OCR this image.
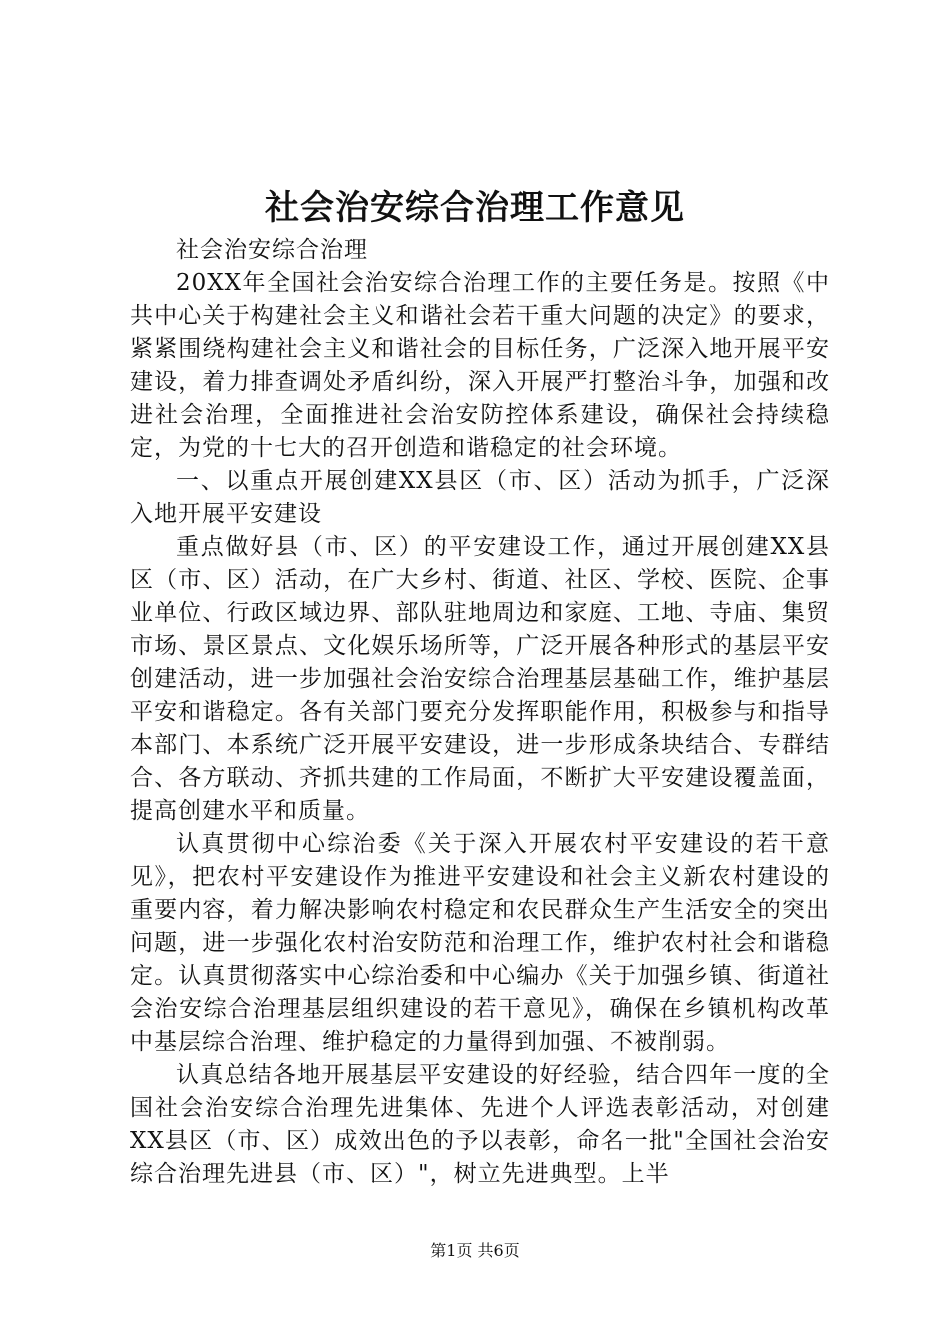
社会治安综合治理工作意见

社会治安综合治理

20XX年全国社会治安综合治理工作的主要任务是。按照《中共中心关于构建社会主义和谐社会若干重大问题的决定》的要求，紧紧围绕构建社会主义和谐社会的目标任务，广泛深入地开展平安建设，着力排查调处矛盾纠纷，深入开展严打整治斗争，加强和改进社会治理，全面推进社会治安防控体系建设，确保社会持续稳定，为党的十七大的召开创造和谐稳定的社会环境。

一、以重点开展创建XX县区（市、区）活动为抓手，广泛深入地开展平安建设

重点做好县（市、区）的平安建设工作，通过开展创建XX县区（市、区）活动，在广大乡村、街道、社区、学校、医院、企事业单位、行政区域边界、部队驻地周边和家庭、工地、寺庙、集贸市场、景区景点、文化娱乐场所等，广泛开展各种形式的基层平安创建活动，进一步加强社会治安综合治理基层基础工作，维护基层平安和谐稳定。各有关部门要充分发挥职能作用，积极参与和指导本部门、本系统广泛开展平安建设，进一步形成条块结合、专群结合、各方联动、齐抓共建的工作局面，不断扩大平安建设覆盖面，提高创建水平和质量。

认真贯彻中心综治委《关于深入开展农村平安建设的若干意见》，把农村平安建设作为推进平安建设和社会主义新农村建设的重要内容，着力解决影响农村稳定和农民群众生产生活安全的突出问题，进一步强化农村治安防范和治理工作，维护农村社会和谐稳定。认真贯彻落实中心综治委和中心编办《关于加强乡镇、街道社会治安综合治理基层组织建设的若干意见》，确保在乡镇机构改革中基层综合治理、维护稳定的力量得到加强、不被削弱。

认真总结各地开展基层平安建设的好经验，结合四年一度的全国社会治安综合治理先进集体、先进个人评选表彰活动，对创建XX县区（市、区）成效出色的予以表彰，命名一批"全国社会治安综合治理先进县（市、区）"，树立先进典型。上半

第1页 共6页
